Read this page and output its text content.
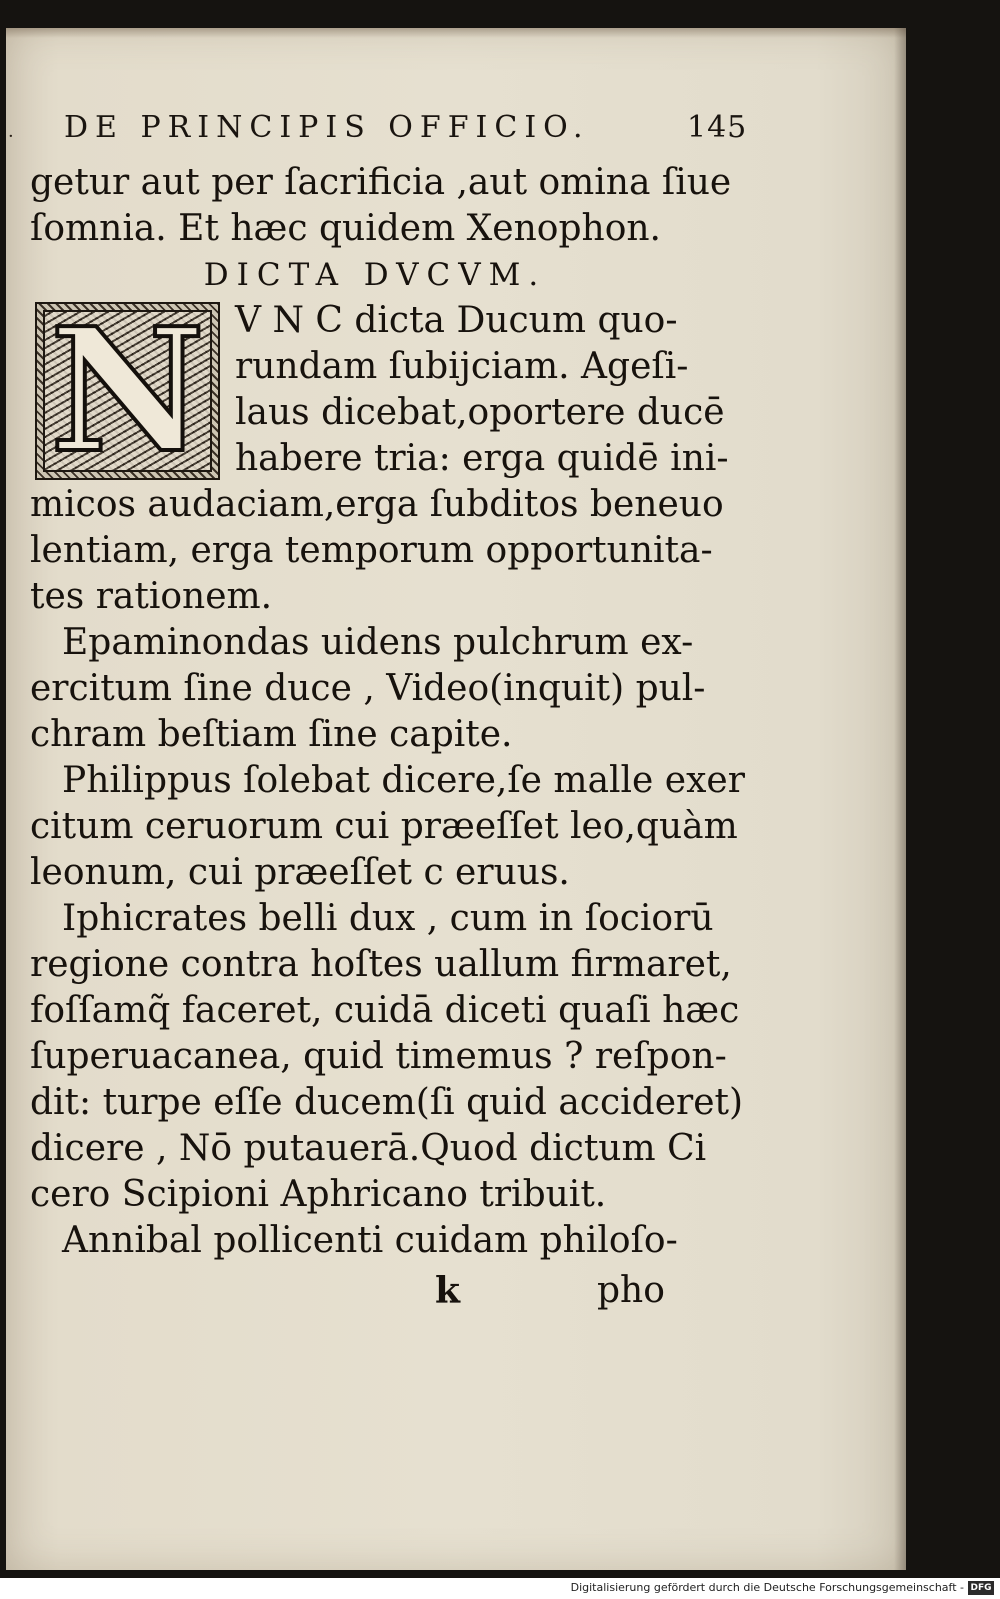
· DE PRINCIPIS OFFICIO.	145
getur aut per ſacrificia ,aut omina ſiue
ſomnia. Et hæc quidem Xenophon.
DICTA DVCVM.
N V N C dicta Ducum quo-
rundam ſubijciam. Ageſi-
laus dicebat,oportere ducē
habere tria: erga quidē ini-
micos audaciam,erga ſubditos beneuo
lentiam, erga temporum opportunita-
tes rationem.
Epaminondas uidens pulchrum ex-
ercitum ſine duce , Video(inquit) pul-
chram beſtiam ſine capite.
Philippus ſolebat dicere,ſe malle exer
citum ceruorum cui præeſſet leo,quàm
leonum, cui præeſſet c eruus.
Iphicrates belli dux , cum in ſociorū
regione contra hoſtes uallum firmaret,
foſſamq̃ faceret, cuidā diceti quaſi hæc
ſuperuacanea, quid timemus ? reſpon-
dit: turpe eſſe ducem(ſi quid accideret)
dicere , Nō putauerā.Quod dictum Ci
cero Scipioni Aphricano tribuit.
Annibal pollicenti cuidam philoſo-
k	pho
Digitalisierung gefördert durch die Deutsche Forschungsgemeinschaft - DFG
